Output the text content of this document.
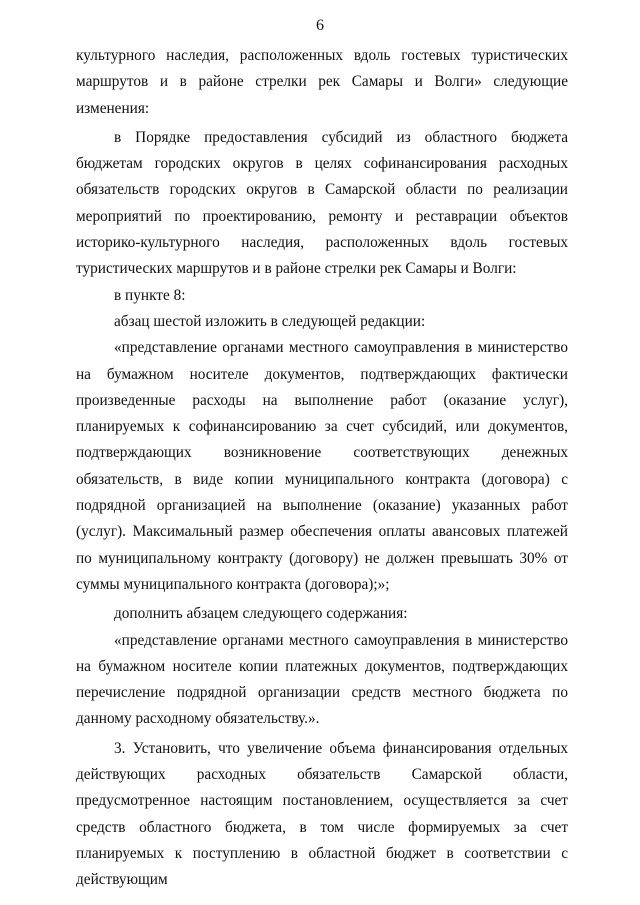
6

культурного наследия, расположенных вдоль гостевых туристических маршрутов и в районе стрелки рек Самары и Волги» следующие изменения:

в Порядке предоставления субсидий из областного бюджета бюджетам городских округов в целях софинансирования расходных обязательств городских округов в Самарской области по реализации мероприятий по проектированию, ремонту и реставрации объектов историко-культурного наследия, расположенных вдоль гостевых туристических маршрутов и в районе стрелки рек Самары и Волги:

в пункте 8:

абзац шестой изложить в следующей редакции:

«представление органами местного самоуправления в министерство на бумажном носителе документов, подтверждающих фактически произведенные расходы на выполнение работ (оказание услуг), планируемых к софинансированию за счет субсидий, или документов, подтверждающих возникновение соответствующих денежных обязательств, в виде копии муниципального контракта (договора) с подрядной организацией на выполнение (оказание) указанных работ (услуг). Максимальный размер обеспечения оплаты авансовых платежей по муниципальному контракту (договору) не должен превышать 30% от суммы муниципального контракта (договора);»;

дополнить абзацем следующего содержания:

«представление органами местного самоуправления в министерство на бумажном носителе копии платежных документов, подтверждающих перечисление подрядной организации средств местного бюджета по данному расходному обязательству.».

3. Установить, что увеличение объема финансирования отдельных действующих расходных обязательств Самарской области, предусмотренное настоящим постановлением, осуществляется за счет средств областного бюджета, в том числе формируемых за счет планируемых к поступлению в областной бюджет в соответствии с действующим
